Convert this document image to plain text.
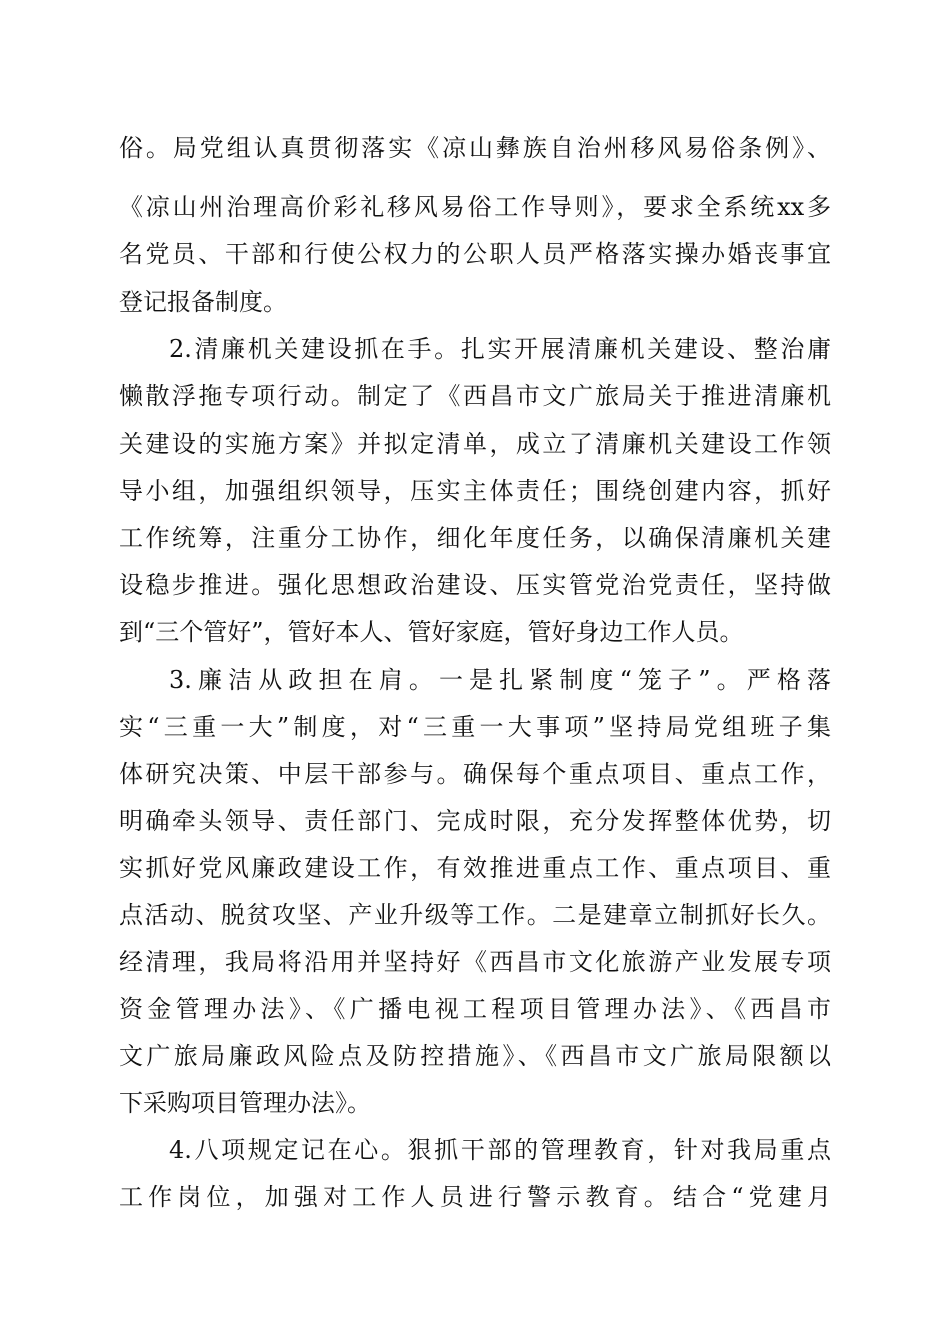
俗。局党组认真贯彻落实《凉山彝族自治州移风易俗条例》、
《凉山州治理高价彩礼移风易俗工作导则》，要求全系统xx多
名党员、干部和行使公权力的公职人员严格落实操办婚丧事宜
登记报备制度。
2.清廉机关建设抓在手。扎实开展清廉机关建设、整治庸
懒散浮拖专项行动。制定了《西昌市文广旅局关于推进清廉机
关建设的实施方案》并拟定清单，成立了清廉机关建设工作领
导小组，加强组织领导，压实主体责任；围绕创建内容，抓好
工作统筹，注重分工协作，细化年度任务，以确保清廉机关建
设稳步推进。强化思想政治建设、压实管党治党责任，坚持做
到“三个管好”，管好本人、管好家庭，管好身边工作人员。
3.廉洁从政担在肩。一是扎紧制度“笼子”。严格落
实“三重一大”制度，对“三重一大事项”坚持局党组班子集
体研究决策、中层干部参与。确保每个重点项目、重点工作，
明确牵头领导、责任部门、完成时限，充分发挥整体优势，切
实抓好党风廉政建设工作，有效推进重点工作、重点项目、重
点活动、脱贫攻坚、产业升级等工作。二是建章立制抓好长久。
经清理，我局将沿用并坚持好《西昌市文化旅游产业发展专项
资金管理办法》、《广播电视工程项目管理办法》、《西昌市
文广旅局廉政风险点及防控措施》、《西昌市文广旅局限额以
下采购项目管理办法》。
4.八项规定记在心。狠抓干部的管理教育，针对我局重点
工作岗位，加强对工作人员进行警示教育。结合“党建月
